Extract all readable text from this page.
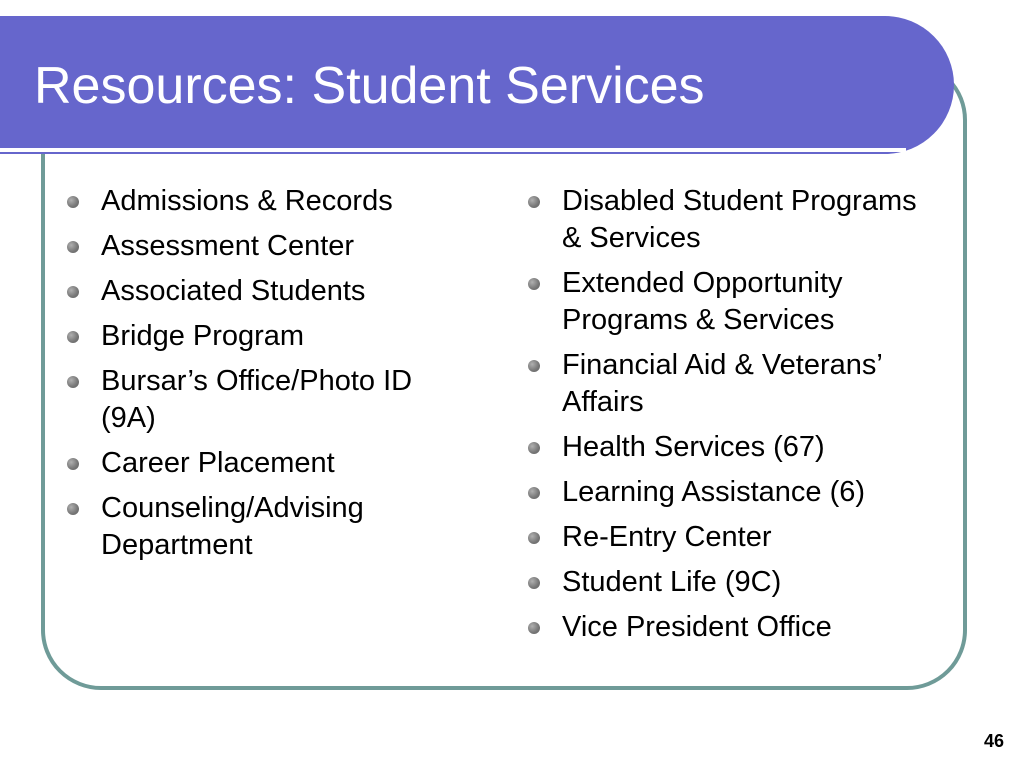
Resources: Student Services
Admissions & Records
Assessment Center
Associated Students
Bridge Program
Bursar’s Office/Photo ID (9A)
Career Placement
Counseling/Advising Department
Disabled Student Programs & Services
Extended Opportunity Programs & Services
Financial Aid & Veterans’ Affairs
Health Services (67)
Learning Assistance (6)
Re-Entry Center
Student Life (9C)
Vice President Office
46
